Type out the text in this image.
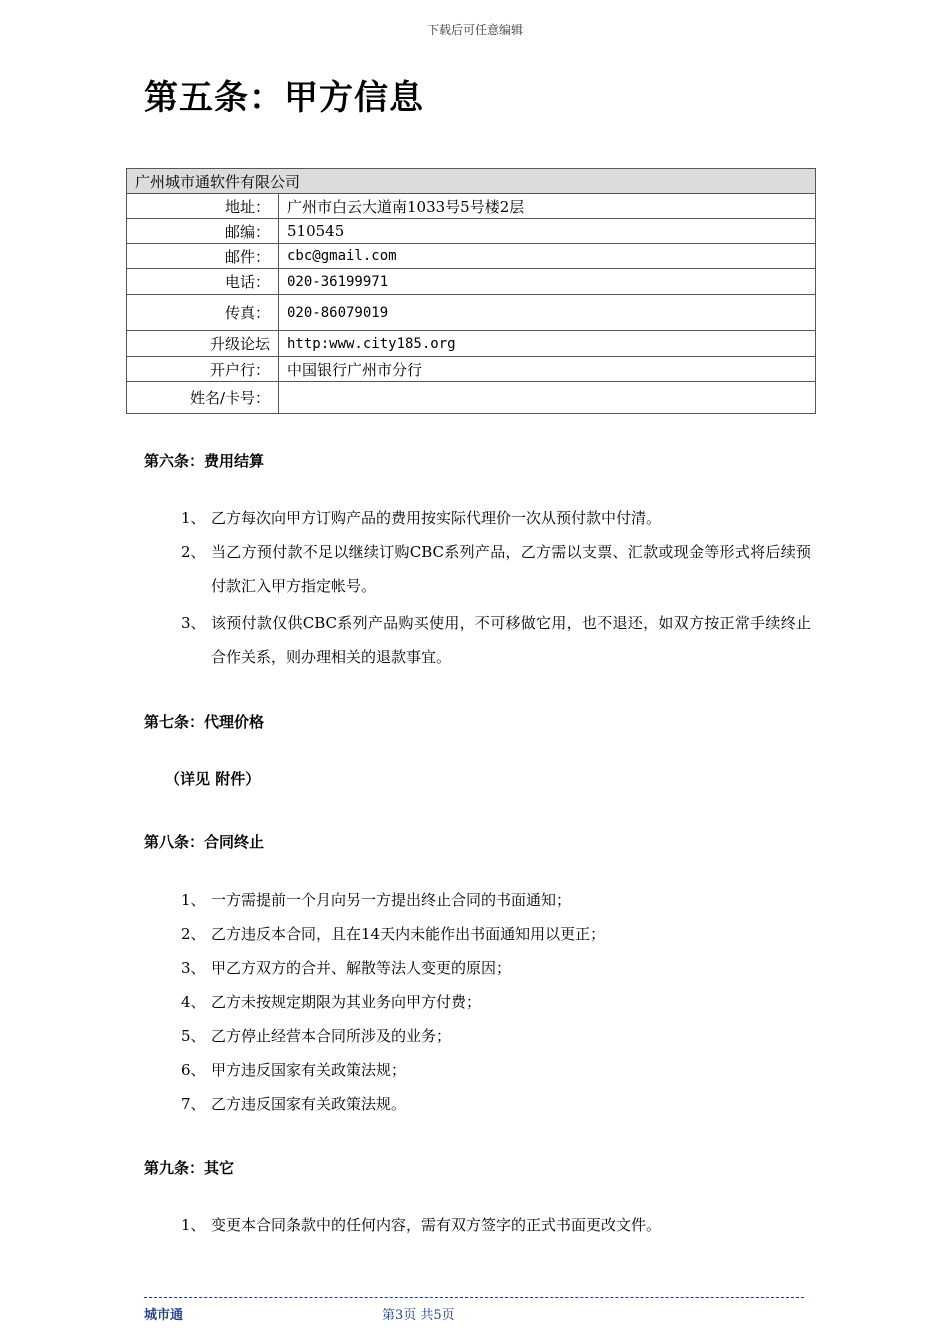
下载后可任意编辑
第五条：甲方信息
广州城市通软件有限公司	
地址：	广州市白云大道南1033号5号楼2层
邮编：	510545
邮件：	cbc@gmail.com
电话：	020-36199971
传真：	020-86079019
升级论坛	http:www.city185.org
开户行：	中国银行广州市分行
姓名/卡号：	
第六条：费用结算
1、 乙方每次向甲方订购产品的费用按实际代理价一次从预付款中付清。
2、 当乙方预付款不足以继续订购CBC系列产品，乙方需以支票、汇款或现金等形式将后续预付款汇入甲方指定帐号。
3、 该预付款仅供CBC系列产品购买使用，不可移做它用，也不退还，如双方按正常手续终止合作关系，则办理相关的退款事宜。
第七条：代理价格
（详见 附件）
第八条：合同终止
1、 一方需提前一个月向另一方提出终止合同的书面通知；
2、 乙方违反本合同，且在14天内未能作出书面通知用以更正；
3、 甲乙方双方的合并、解散等法人变更的原因；
4、 乙方未按规定期限为其业务向甲方付费；
5、 乙方停止经营本合同所涉及的业务；
6、 甲方违反国家有关政策法规；
7、 乙方违反国家有关政策法规。
第九条：其它
1、 变更本合同条款中的任何内容，需有双方签字的正式书面更改文件。
城市通	第3页 共5页
